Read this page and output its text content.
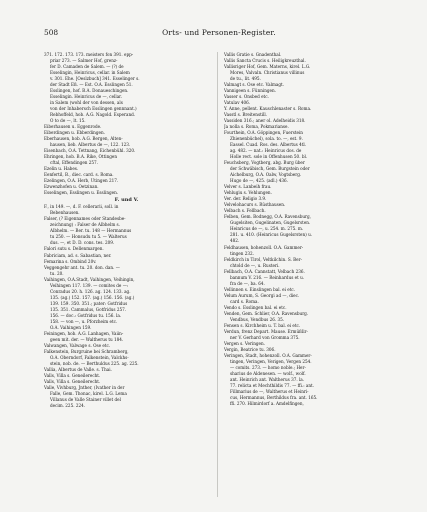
508	Orts- und Personen-Register.
371. 172. 173. 173. meisters fon 391. epp-
priar 273. — Salmer Hof, grenz-
fer D. Camaden de Salem. — (?) de
Esselingin, Heinricus, cellar. in Salem
v. 301. Ehe. [Oeslzbuch] 341. Esselinger s.
der Stadt Eß. — Est. O.A. Esslingen 51.
Esslingen, hof. B.A. Donaueschingen.
Esselingin. Heinricus de —, cellar.
in Salem (wohl der von dessen, als
von der Inhabersch Esslingen gennnant.)
Rebhoffeld, hob. A.G. Nagold. Esperand.
O to de —, lt. 15.
Eiberhausen u. Eggenrode.
Eiberdingen u. Ebberdingen.
Eberhausen, hob. A.G. Bergen, Alten-
hausen, lieb. Albertus de —, 122. 123.
Eisenbach, O.A. Tettnang, Eichenbühl. 320.
Ehringen, hob. B.A. Rike, Öttingen
cftal, Effendingen 257.
Ezelin u. Habes.
Eenfertil, B., diec. card. s. Roma.
Ezelingen, O.A. Herb, Ütingen 217.
Ezwenzhofen u. Oetzinan.
Esselingen, Esslingen u. Esslingen.
F. und V.
F., in 149. —, d. F. cellerarii, soll. in
Bebenhausen.
Falser, (? Eigennames oder Standesbe-
zeichnung) : Falser de Albhelm s.
Albhelm. — Ber. tu. 148 — Hermannus
tu 250. — Honsudu tu 5. — Walterus
dus. —, et D. D. cons. tes. 209.
Falori sutu s. Dellenmargen.
Fabriciam, ad. s. Sabastian, ner.
Femarina s. Ombind 20v.
Veggengehr ant. tu. 20. don. dan. —
tu. 20.
Vaihingen, O.A.Stadt, Vaihingen, Veihingin,
Veihingen 117. 139. — comites de —:
Conradus 20. h. 126. ag. 124. 133. ag.
135. (ag.) 152. 157. (ag.) 156. 156. (ag.)
139. 159. 350. 351.; pater: Gotfridus
135. 351. Cammalus, Gotfridus 257.
156. — doc.: Gotfridus tu. 156. la.
158. — von —, u. Pforzheim etc.
O.A. Vaihingen 159.
Feiningen, hob. A.G. Lanhagen, Vaiin-
geen mit. der. — Waltherus tu 184.
Valwangen, Valwage s. Ose etc.
Falkenstein, Burgruine bei Schramberg,
O.A. Oberndorf, Falkenstein, Valckhs-
stein, nob. de. — Berthuldus 225. ag. 225.
Vallia, Albertus de Valle. s. Thai.
Valls, Villa s. Geneilerecht.
Valls, Villa s. Geneilerecht.
Valle, Vivhburg, Jnther, (Ivather in der
Falle, Gem. Thonac, kirel. L.G. Lema
Villanus de Valle Stainer villet del
decim. 225. 224.
Vallis Gratie s. Gnadenthal.
Vallis Sancta Crucis s. Heiligkreuzthal.
Vallisriger Hof, Gem. Materns, kirel. L.G.
Mores, Valvaln. Christianus villinus
de tu., lit. 495.
Valmagt s. Ose etc. Valmagt.
Vannigeen s. Fünningen.
Vasser s. Onsbed etc.
Vatulav 406.
Y. Anne, pellent. Kauschlenaster s. Roma.
Vasstl s. Breitenstill.
Vassiden 316.; aner ol. Adelheidis 318.
Ja nolla s. Roma, Pokmarianse.
Fourthein, O.A. Göppingen, Fuerstein
Zhienenbüchel), sola. to. —, est. 9.
Eassel. Cuad. Ros. des. Albertus 4tl.
ag. 482. — nat.: Heinricus dos. de
Holle rect. sole in Offenhusen 50. bl.
Feuchsberg, Vogtberg, abg. Burg über
der Schwäbisch, Gem. Burgstein oder
Aichelburg, O.A. Oalw, Vogtsberg.
Hugo de —, 425. (adl.) 436.
Velver s. Lanbeih frau.
Vehlugiu s. Vehlungen.
Ver. der. Religio 3.9.
Velvelohacurs s. Rüsthausen.
Velbach s. Fellbach.
Felben, Gem. Bodnegg, O.A. Ravensburg,
Gugelsiten, Gugelinaten, Gugelsrsten.
Heinricus de —, u. 254. m. 275. m.
281. u. 410. (Heinricus Gugelsrsten) u.
482.
Feldhausen, hohenzoll. O.A. Gammer-
tingen 232.
Feldkirch in Tirol, Veltkilchin. S. Ber-
chtold de —, u. Rusteri.
Fellbach, O.A. Cannstatt, Velbach 236.
bannum V. 216. — Reinhardus et u.
fra de —, ba. 64.
Vellinnen s. Einslingen bal. ei etc.
Velum Aurum, S. Georgi ad —, diec.
card s. Roma.
Vendo s. Esslingen bal. ei etc.
Venden, Gem. Schlier, O.A. Ravensburg.
Vendbus, Vendbus 26. 35.
Fensen s. Kirchheim u. T. bal. ei etc.
Verdun, frenz Depart. Mause. Ermüßlir-
ner V. Gerhard von Gromma 375.
Vergen s. Veringen.
Vergin, Beatrice tu. 306.
Veringen, Stadt, hohenzoll. O.A. Gammer-
tingen, Veringen, Verigen, Vergen 254.
— comits. 273. — homo noble.; Her-
sharius de Aldenesen. — wolf., wolf.
ant. Heinrich ant. Waltherus 37. la.
77. relicta et Mechthildis 77. — ffi.: ant.
Fillmarius de —, Waltherus et Heinri-
cus, Hermannus, Berthildus fra. ant. 165.
ffi. 270. Hilmirdorf a. Amdelfingen,
